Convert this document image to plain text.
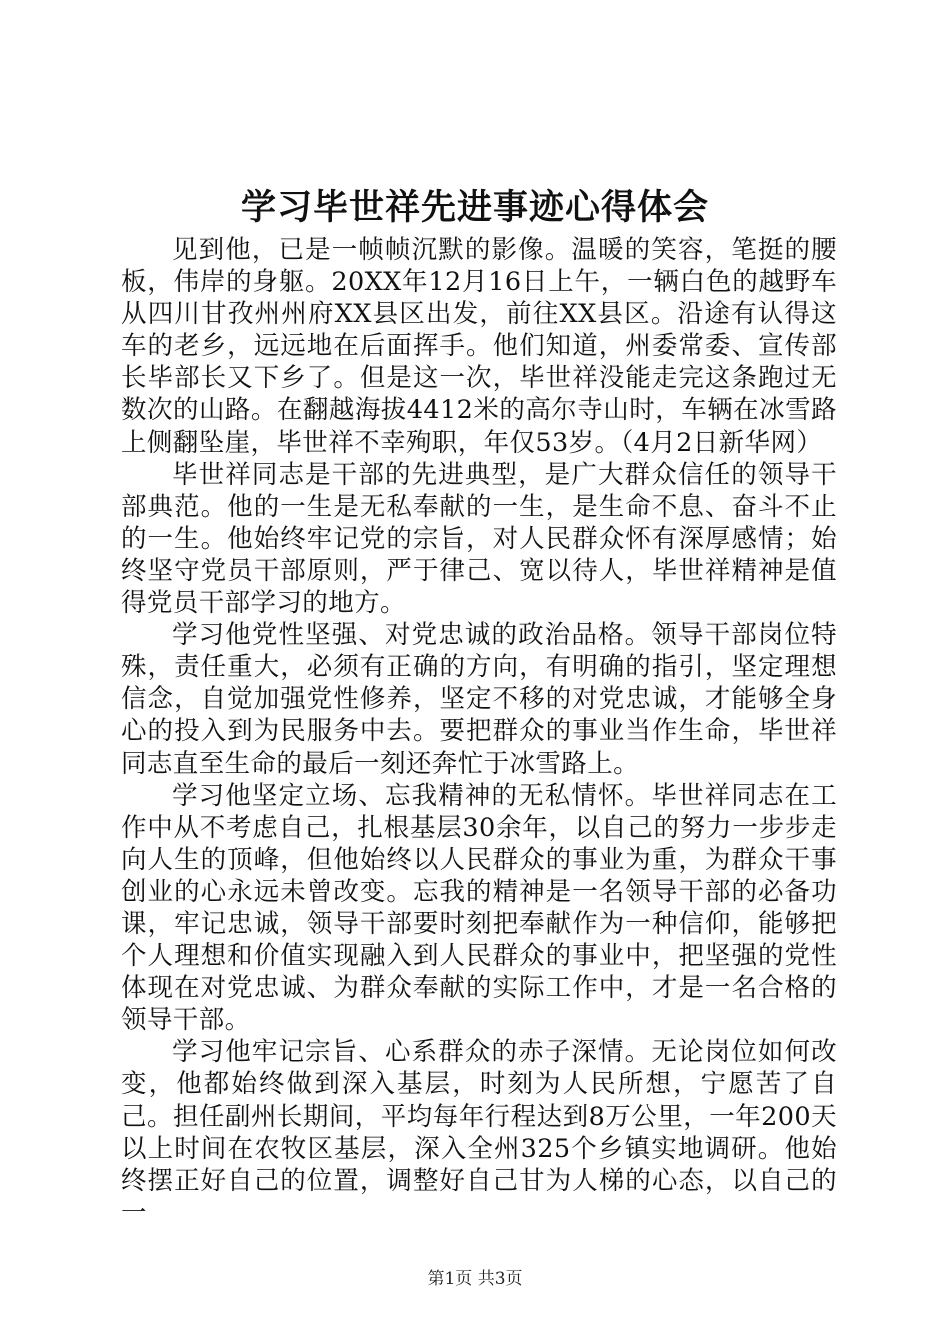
学习毕世祥先进事迹心得体会

见到他，已是一帧帧沉默的影像。温暖的笑容，笔挺的腰板，伟岸的身躯。20XX年12月16日上午，一辆白色的越野车从四川甘孜州州府XX县区出发，前往XX县区。沿途有认得这车的老乡，远远地在后面挥手。他们知道，州委常委、宣传部长毕部长又下乡了。但是这一次，毕世祥没能走完这条跑过无数次的山路。在翻越海拔4412米的高尔寺山时，车辆在冰雪路上侧翻坠崖，毕世祥不幸殉职，年仅53岁。（4月2日新华网）

毕世祥同志是干部的先进典型，是广大群众信任的领导干部典范。他的一生是无私奉献的一生，是生命不息、奋斗不止的一生。他始终牢记党的宗旨，对人民群众怀有深厚感情；始终坚守党员干部原则，严于律己、宽以待人，毕世祥精神是值得党员干部学习的地方。

学习他党性坚强、对党忠诚的政治品格。领导干部岗位特殊，责任重大，必须有正确的方向，有明确的指引，坚定理想信念，自觉加强党性修养，坚定不移的对党忠诚，才能够全身心的投入到为民服务中去。要把群众的事业当作生命，毕世祥同志直至生命的最后一刻还奔忙于冰雪路上。

学习他坚定立场、忘我精神的无私情怀。毕世祥同志在工作中从不考虑自己，扎根基层30余年，以自己的努力一步步走向人生的顶峰，但他始终以人民群众的事业为重，为群众干事创业的心永远未曾改变。忘我的精神是一名领导干部的必备功课，牢记忠诚，领导干部要时刻把奉献作为一种信仰，能够把个人理想和价值实现融入到人民群众的事业中，把坚强的党性体现在对党忠诚、为群众奉献的实际工作中，才是一名合格的领导干部。

学习他牢记宗旨、心系群众的赤子深情。无论岗位如何改变，他都始终做到深入基层，时刻为人民所想，宁愿苦了自己。担任副州长期间，平均每年行程达到8万公里，一年200天以上时间在农牧区基层，深入全州325个乡镇实地调研。他始终摆正好自己的位置，调整好自己甘为人梯的心态，以自己的一

第1页 共3页
